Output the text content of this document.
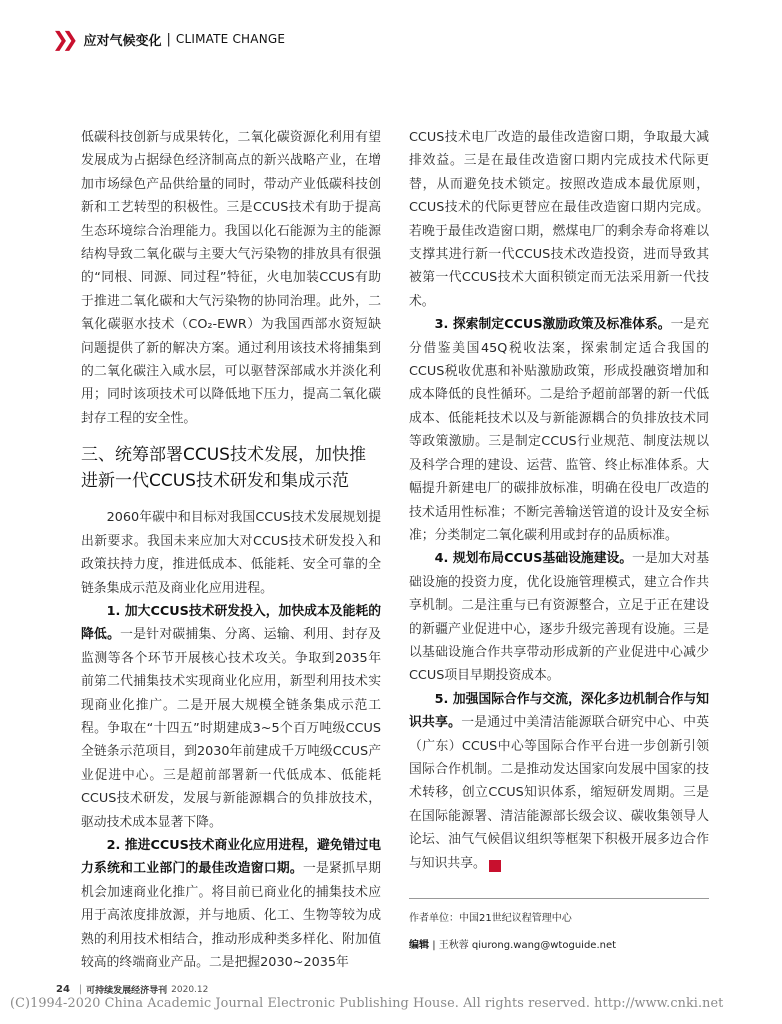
❯❯ 应对气候变化 | CLIMATE CHANGE

低碳科技创新与成果转化，二氧化碳资源化利用有望发展成为占据绿色经济制高点的新兴战略产业，在增加市场绿色产品供给量的同时，带动产业低碳科技创新和工艺转型的积极性。三是CCUS技术有助于提高生态环境综合治理能力。我国以化石能源为主的能源结构导致二氧化碳与主要大气污染物的排放具有很强的“同根、同源、同过程”特征，火电加装CCUS有助于推进二氧化碳和大气污染物的协同治理。此外，二氧化碳驱水技术（CO₂-EWR）为我国西部水资短缺问题提供了新的解决方案。通过利用该技术将捕集到的二氧化碳注入咸水层，可以驱替深部咸水并淡化利用；同时该项技术可以降低地下压力，提高二氧化碳封存工程的安全性。

三、统筹部署CCUS技术发展，加快推进新一代CCUS技术研发和集成示范

2060年碳中和目标对我国CCUS技术发展规划提出新要求。我国未来应加大对CCUS技术研发投入和政策扶持力度，推进低成本、低能耗、安全可靠的全链条集成示范及商业化应用进程。

1. 加大CCUS技术研发投入，加快成本及能耗的降低。一是针对碳捕集、分离、运输、利用、封存及监测等各个环节开展核心技术攻关。争取到2035年前第二代捕集技术实现商业化应用，新型利用技术实现商业化推广。二是开展大规模全链条集成示范工程。争取在“十四五”时期建成3~5个百万吨级CCUS全链条示范项目，到2030年前建成千万吨级CCUS产业促进中心。三是超前部署新一代低成本、低能耗CCUS技术研发，发展与新能源耦合的负排放技术，驱动技术成本显著下降。

2. 推进CCUS技术商业化应用进程，避免错过电力系统和工业部门的最佳改造窗口期。一是紧抓早期机会加速商业化推广。将目前已商业化的捕集技术应用于高浓度排放源，并与地质、化工、生物等较为成熟的利用技术相结合，推动形成种类多样化、附加值较高的终端商业产品。二是把握2030~2035年

CCUS技术电厂改造的最佳改造窗口期，争取最大减排效益。三是在最佳改造窗口期内完成技术代际更替，从而避免技术锁定。按照改造成本最优原则，CCUS技术的代际更替应在最佳改造窗口期内完成。若晚于最佳改造窗口期，燃煤电厂的剩余寿命将难以支撑其进行新一代CCUS技术改造投资，进而导致其被第一代CCUS技术大面积锁定而无法采用新一代技术。

3. 探索制定CCUS激励政策及标准体系。一是充分借鉴美国45Q税收法案，探索制定适合我国的CCUS税收优惠和补贴激励政策，形成投融资增加和成本降低的良性循环。二是给予超前部署的新一代低成本、低能耗技术以及与新能源耦合的负排放技术同等政策激励。三是制定CCUS行业规范、制度法规以及科学合理的建设、运营、监管、终止标准体系。大幅提升新建电厂的碳排放标准，明确在役电厂改造的技术适用性标准；不断完善输送管道的设计及安全标准；分类制定二氧化碳利用或封存的品质标准。

4. 规划布局CCUS基础设施建设。一是加大对基础设施的投资力度，优化设施管理模式，建立合作共享机制。二是注重与已有资源整合，立足于正在建设的新疆产业促进中心，逐步升级完善现有设施。三是以基础设施合作共享带动形成新的产业促进中心减少CCUS项目早期投资成本。

5. 加强国际合作与交流，深化多边机制合作与知识共享。一是通过中美清洁能源联合研究中心、中英（广东）CCUS中心等国际合作平台进一步创新引领国际合作机制。二是推动发达国家向发展中国家的技术转移，创立CCUS知识体系，缩短研发周期。三是在国际能源署、清洁能源部长级会议、碳收集领导人论坛、油气气候倡议组织等框架下积极开展多边合作与知识共享。	完

作者单位：中国21世纪议程管理中心
编辑 | 王秋蓉 qiurong.wang@wtoguide.net
24 | 可持续发展经济导刊 2020.12
(C)1994-2020 China Academic Journal Electronic Publishing House. All rights reserved. http://www.cnki.net
